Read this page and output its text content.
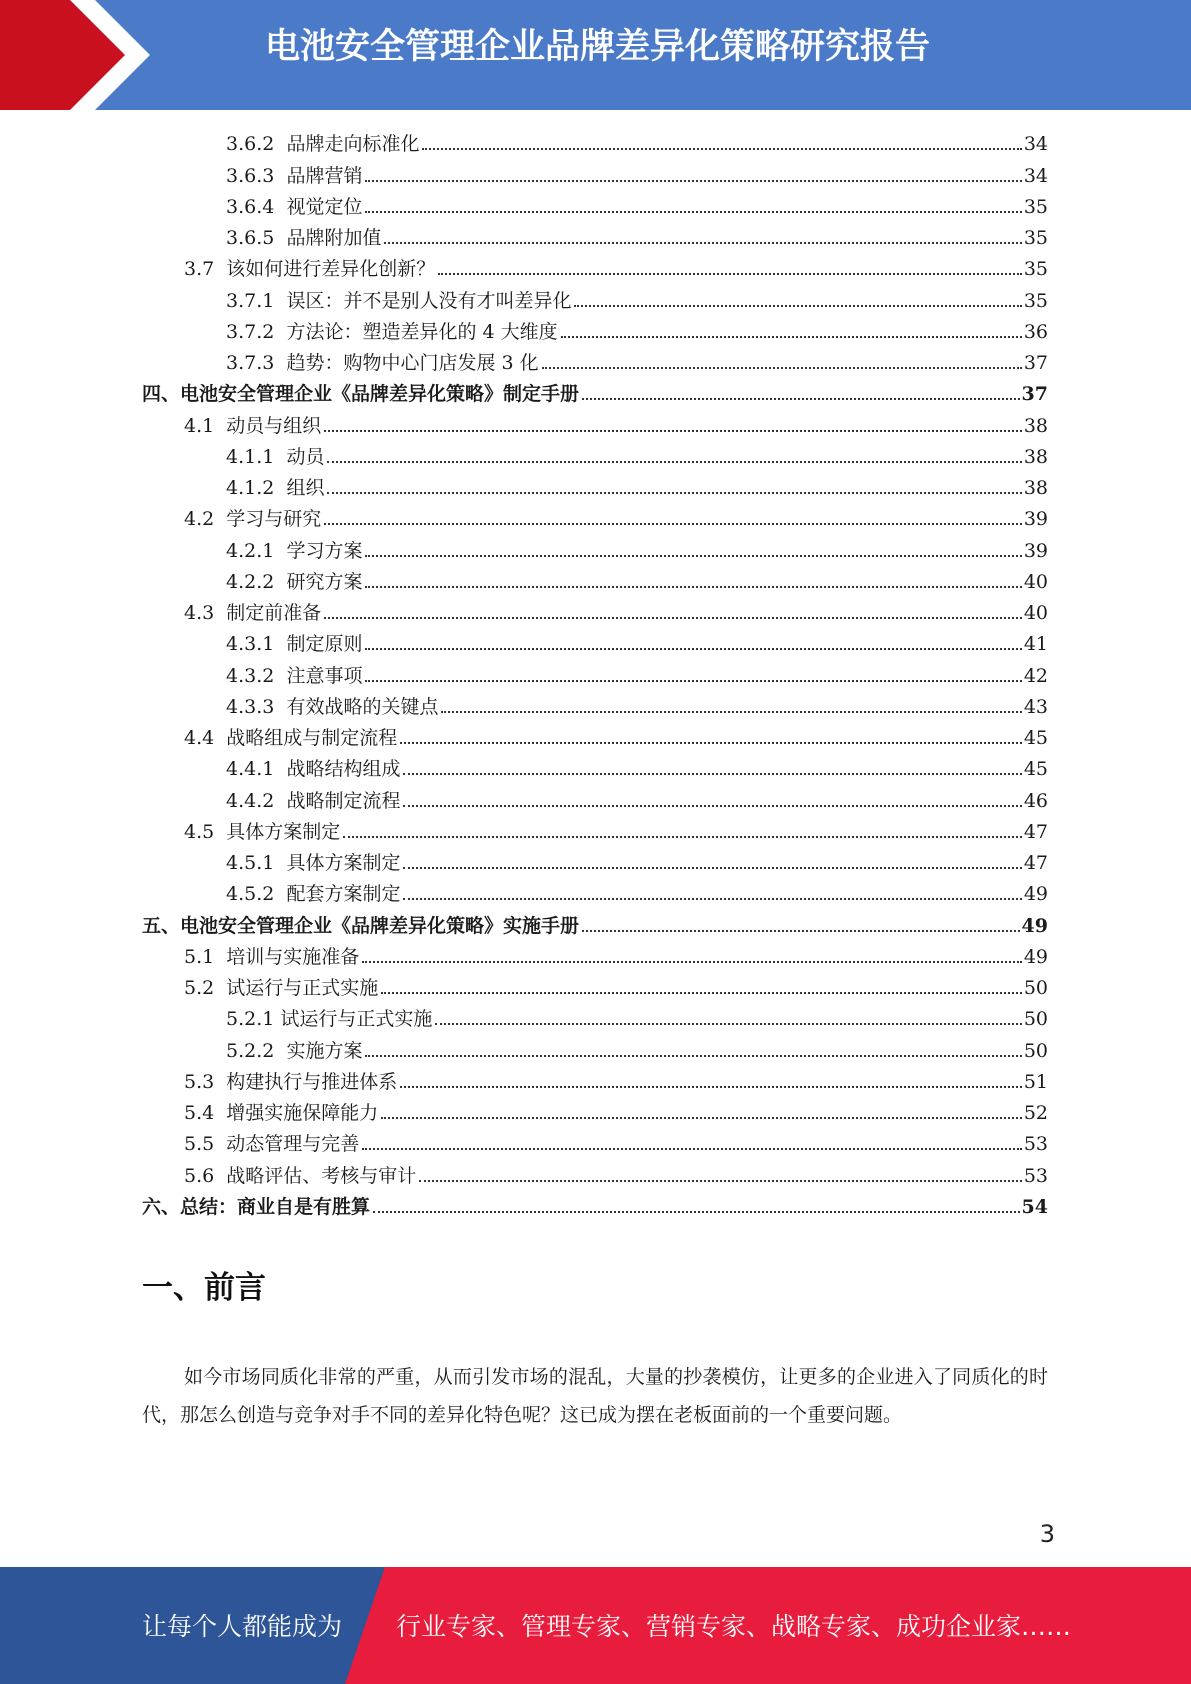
电池安全管理企业品牌差异化策略研究报告
3.6.2 品牌走向标准化	34
3.6.3 品牌营销	34
3.6.4 视觉定位	35
3.6.5 品牌附加值	35
3.7 该如何进行差异化创新？	35
3.7.1 误区：并不是别人没有才叫差异化	35
3.7.2 方法论：塑造差异化的 4 大维度	36
3.7.3 趋势：购物中心门店发展 3 化	37
四、电池安全管理企业《品牌差异化策略》制定手册	37
4.1 动员与组织	38
4.1.1 动员	38
4.1.2 组织	38
4.2 学习与研究	39
4.2.1 学习方案	39
4.2.2 研究方案	40
4.3 制定前准备	40
4.3.1 制定原则	41
4.3.2 注意事项	42
4.3.3 有效战略的关键点	43
4.4 战略组成与制定流程	45
4.4.1 战略结构组成	45
4.4.2 战略制定流程	46
4.5 具体方案制定	47
4.5.1 具体方案制定	47
4.5.2 配套方案制定	49
五、电池安全管理企业《品牌差异化策略》实施手册	49
5.1 培训与实施准备	49
5.2 试运行与正式实施	50
5.2.1 试运行与正式实施	50
5.2.2 实施方案	50
5.3 构建执行与推进体系	51
5.4 增强实施保障能力	52
5.5 动态管理与完善	53
5.6 战略评估、考核与审计	53
六、总结：商业自是有胜算	54
一、前言

如今市场同质化非常的严重，从而引发市场的混乱，大量的抄袭模仿，让更多的企业进入了同质化的时代，那怎么创造与竞争对手不同的差异化特色呢？这已成为摆在老板面前的一个重要问题。

3
让每个人都能成为 行业专家、管理专家、营销专家、战略专家、成功企业家……
